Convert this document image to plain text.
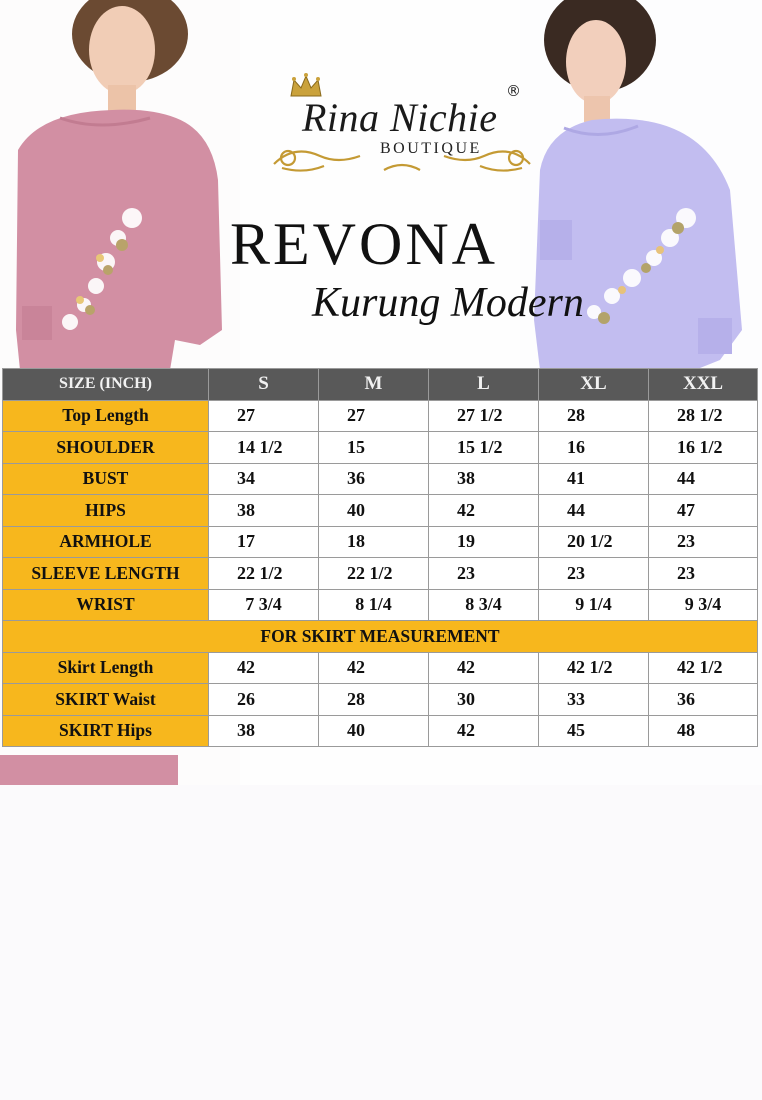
Rina Nichie
®
BOUTIQUE
REVONA
Kurung Modern
SIZE (INCH)	S	M	L	XL	XXL
Top Length	27	27	27 1/2	28	28 1/2
SHOULDER	14 1/2	15	15 1/2	16	16 1/2
BUST	34	36	38	41	44
HIPS	38	40	42	44	47
ARMHOLE	17	18	19	20 1/2	23
SLEEVE LENGTH	22 1/2	22 1/2	23	23	23
WRIST	7 3/4	8 1/4	8 3/4	9 1/4	9 3/4
FOR SKIRT MEASUREMENT					
Skirt Length	42	42	42	42 1/2	42 1/2
SKIRT Waist	26	28	30	33	36
SKIRT Hips	38	40	42	45	48
